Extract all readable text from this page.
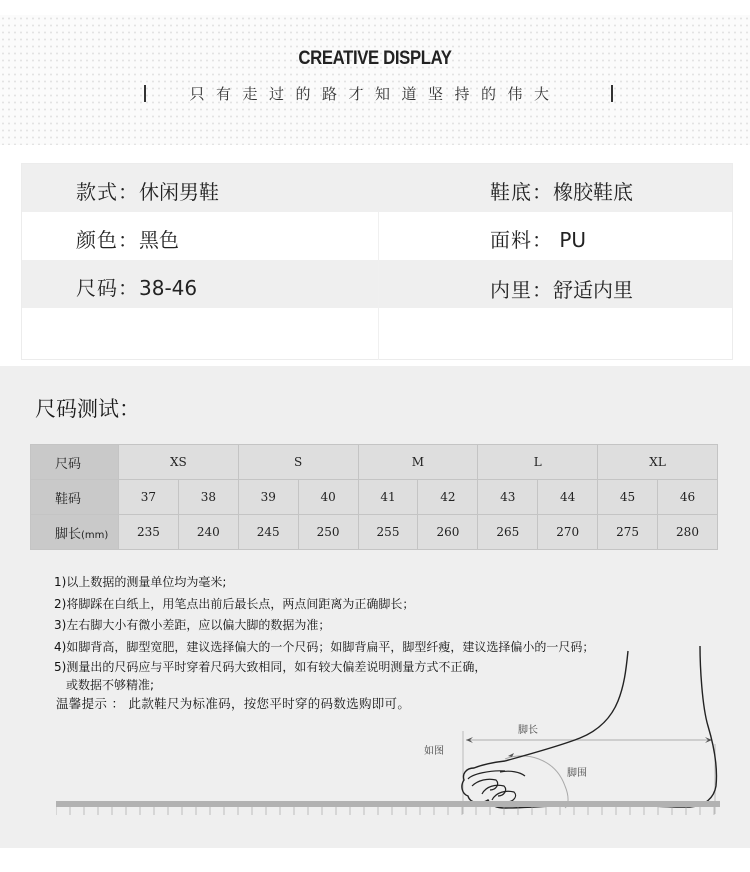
CREATIVE DISPLAY
只有走过的路才知道坚持的伟大
款式：休闲男鞋	鞋底：橡胶鞋底
颜色：黑色	面料： PU
尺码：38-46	内里：舒适内里
尺码测试：
尺码	XS		S		M		L		XL	
鞋码	37	38	39	40	41	42	43	44	45	46
脚长(mm)	235	240	245	250	255	260	265	270	275	280
如图
脚长
脚围
1)以上数据的测量单位均为毫米;
2)将脚踩在白纸上，用笔点出前后最长点，两点间距离为正确脚长；
3)左右脚大小有微小差距，应以偏大脚的数据为准；
4)如脚背高，脚型宽肥，建议选择偏大的一个尺码；如脚背扁平，脚型纤瘦，建议选择偏小的一尺码；
5)测量出的尺码应与平时穿着尺码大致相同，如有较大偏差说明测量方式不正确，
或数据不够精准;
温馨提示 ： 此款鞋尺为标准码，按您平时穿的码数选购即可。
